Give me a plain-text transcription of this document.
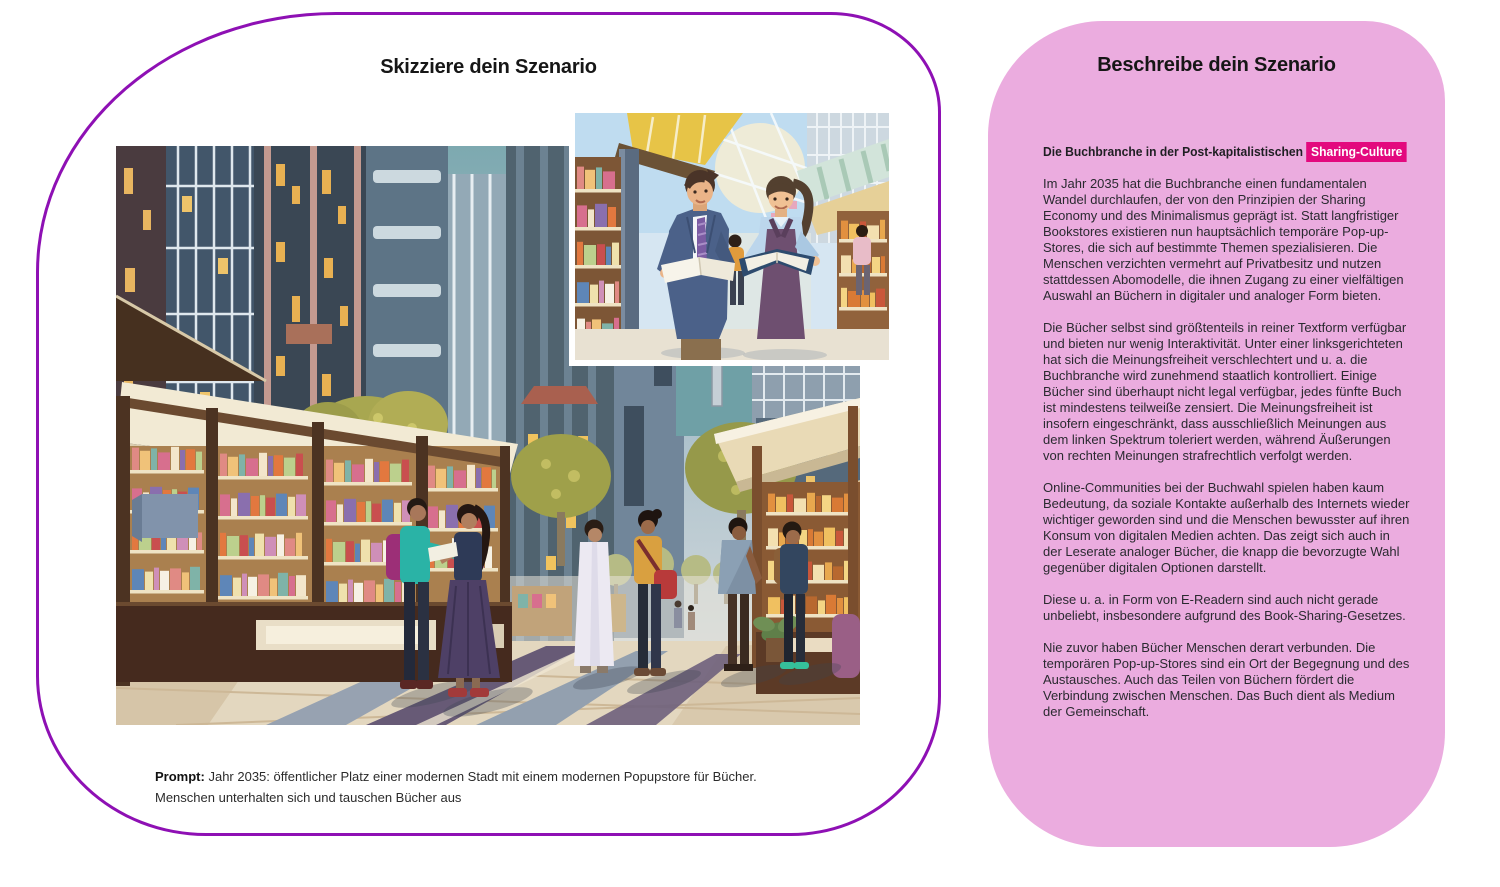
Skizziere dein Szenario

Prompt: Jahr 2035: öffentlicher Platz einer modernen Stadt mit einem modernen Popupstore für Bücher. Menschen unterhalten sich und tauschen Bücher aus

Beschreibe dein Szenario

Die Buchbranche in der Post-kapitalistischen Sharing-Culture

Im Jahr 2035 hat die Buchbranche einen fundamentalen Wandel durchlaufen, der von den Prinzipien der Sharing Economy und des Minimalismus geprägt ist. Statt langfristiger Bookstores existieren nun hauptsächlich temporäre Pop-up-Stores, die sich auf bestimmte Themen spezialisieren. Die Menschen verzichten vermehrt auf Privatbesitz und nutzen stattdessen Abomodelle, die ihnen Zugang zu einer vielfältigen Auswahl an Büchern in digitaler und analoger Form bieten.

Die Bücher selbst sind größtenteils in reiner Textform verfügbar und bieten nur wenig Interaktivität. Unter einer linksgerichteten hat sich die Meinungsfreiheit verschlechtert und u. a. die Buchbranche wird zunehmend staatlich kontrolliert. Einige Bücher sind überhaupt nicht legal verfügbar, jedes fünfte Buch ist mindestens teilweiße zensiert. Die Meinungsfreiheit ist insofern eingeschränkt, dass ausschließlich Meinungen aus dem linken Spektrum toleriert werden, während Äußerungen von rechten Meinungen strafrechtlich verfolgt werden.

Online-Communities bei der Buchwahl spielen haben kaum Bedeutung, da soziale Kontakte außerhalb des Internets wieder wichtiger geworden sind und die Menschen bewusster auf ihren Konsum von digitalen Medien achten. Das zeigt sich auch in der Leserate analoger Bücher, die knapp die bevorzugte Wahl gegenüber digitalen Optionen darstellt.

Diese u. a. in Form von E-Readern sind auch nicht gerade unbeliebt, insbesondere aufgrund des Book-Sharing-Gesetzes.

Nie zuvor haben Bücher Menschen derart verbunden. Die temporären Pop-up-Stores sind ein Ort der Begegnung und des Austausches. Auch das Teilen von Büchern fördert die Verbindung zwischen Menschen. Das Buch dient als Medium der Gemeinschaft.
